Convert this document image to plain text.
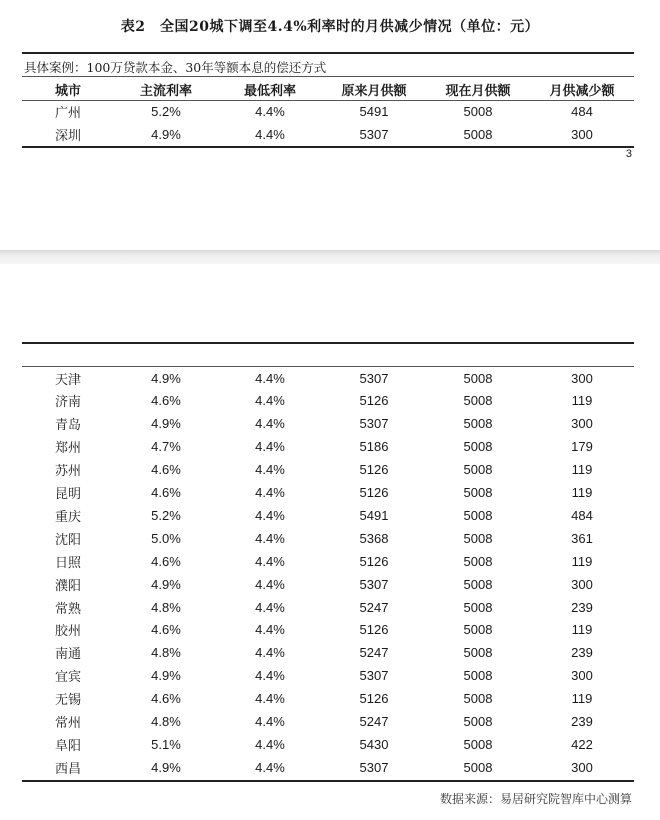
表2　全国20城下调至4.4%利率时的月供减少情况（单位：元）
具体案例：100万贷款本金、30年等额本息的偿还方式
城市	主流利率	最低利率	原来月供额	现在月供额	月供减少额
广州	5.2%	4.4%	5491	5008	484
深圳	4.9%	4.4%	5307	5008	300
3
天津	4.9%	4.4%	5307	5008	300
济南	4.6%	4.4%	5126	5008	119
青岛	4.9%	4.4%	5307	5008	300
郑州	4.7%	4.4%	5186	5008	179
苏州	4.6%	4.4%	5126	5008	119
昆明	4.6%	4.4%	5126	5008	119
重庆	5.2%	4.4%	5491	5008	484
沈阳	5.0%	4.4%	5368	5008	361
日照	4.6%	4.4%	5126	5008	119
濮阳	4.9%	4.4%	5307	5008	300
常熟	4.8%	4.4%	5247	5008	239
胶州	4.6%	4.4%	5126	5008	119
南通	4.8%	4.4%	5247	5008	239
宜宾	4.9%	4.4%	5307	5008	300
无锡	4.6%	4.4%	5126	5008	119
常州	4.8%	4.4%	5247	5008	239
阜阳	5.1%	4.4%	5430	5008	422
西昌	4.9%	4.4%	5307	5008	300
数据来源：易居研究院智库中心测算
